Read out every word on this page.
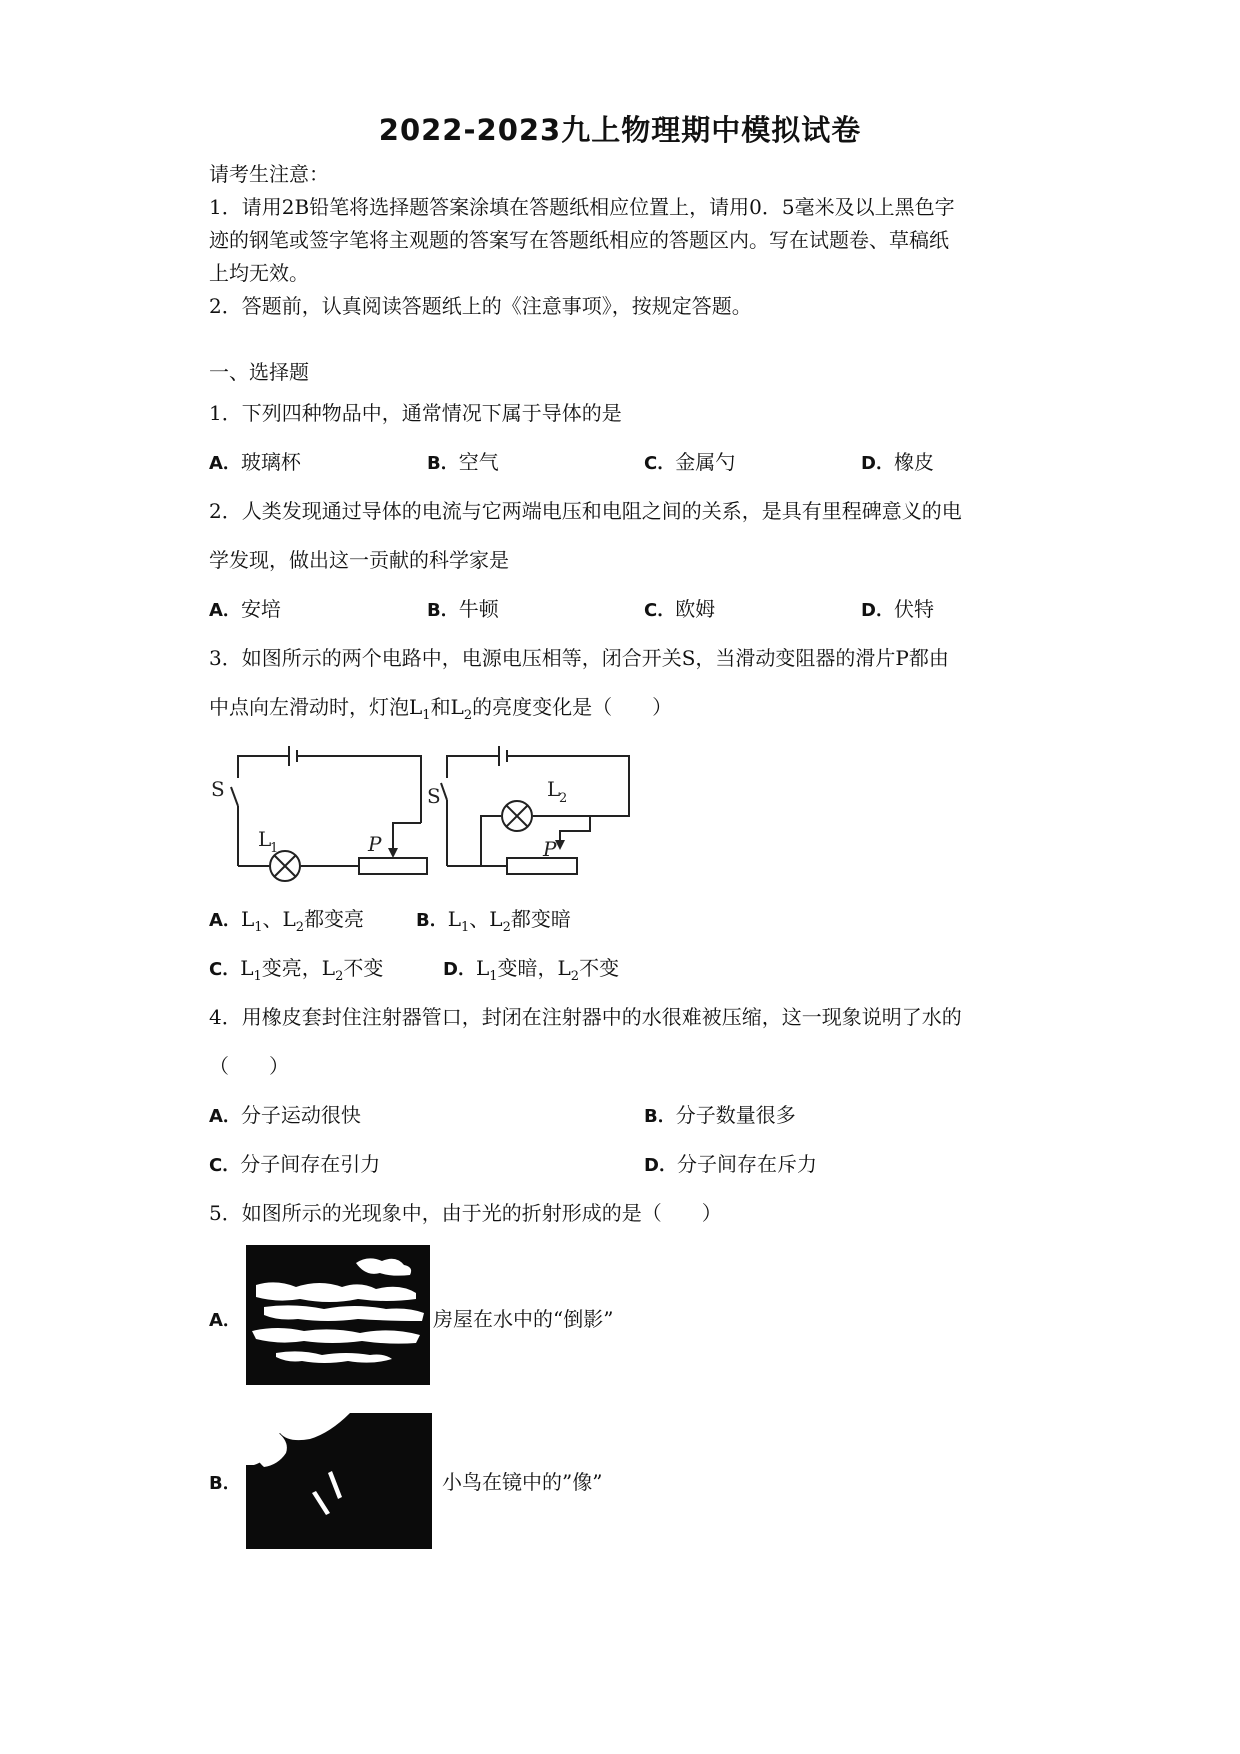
2022-2023九上物理期中模拟试卷
请考生注意：
1．请用2B铅笔将选择题答案涂填在答题纸相应位置上，请用0．5毫米及以上黑色字
迹的钢笔或签字笔将主观题的答案写在答题纸相应的答题区内。写在试题卷、草稿纸
上均无效。
2．答题前，认真阅读答题纸上的《注意事项》，按规定答题。
一、选择题
1．下列四种物品中，通常情况下属于导体的是
A．玻璃杯	B．空气	C．金属勺	D．橡皮
2．人类发现通过导体的电流与它两端电压和电阻之间的关系，是具有里程碑意义的电
学发现，做出这一贡献的科学家是
A．安培	B．牛顿	C．欧姆	D．伏特
3．如图所示的两个电路中，电源电压相等，闭合开关S，当滑动变阻器的滑片P都由
中点向左滑动时，灯泡$L_1$和$L_2$的亮度变化是（　　）
S
L
1	P
S	L
2
P
A．$L_1$、$L_2$都变亮	B．$L_1$、$L_2$都变暗
C．$L_1$变亮，$L_2$不变	D．$L_1$变暗，$L_2$不变
4．用橡皮套封住注射器管口，封闭在注射器中的水很难被压缩，这一现象说明了水的
（　　）
A．分子运动很快	B．分子数量很多
C．分子间存在引力	D．分子间存在斥力
5．如图所示的光现象中，由于光的折射形成的是（　　）
A．	房屋在水中的“倒影”
B．	小鸟在镜中的”像”
